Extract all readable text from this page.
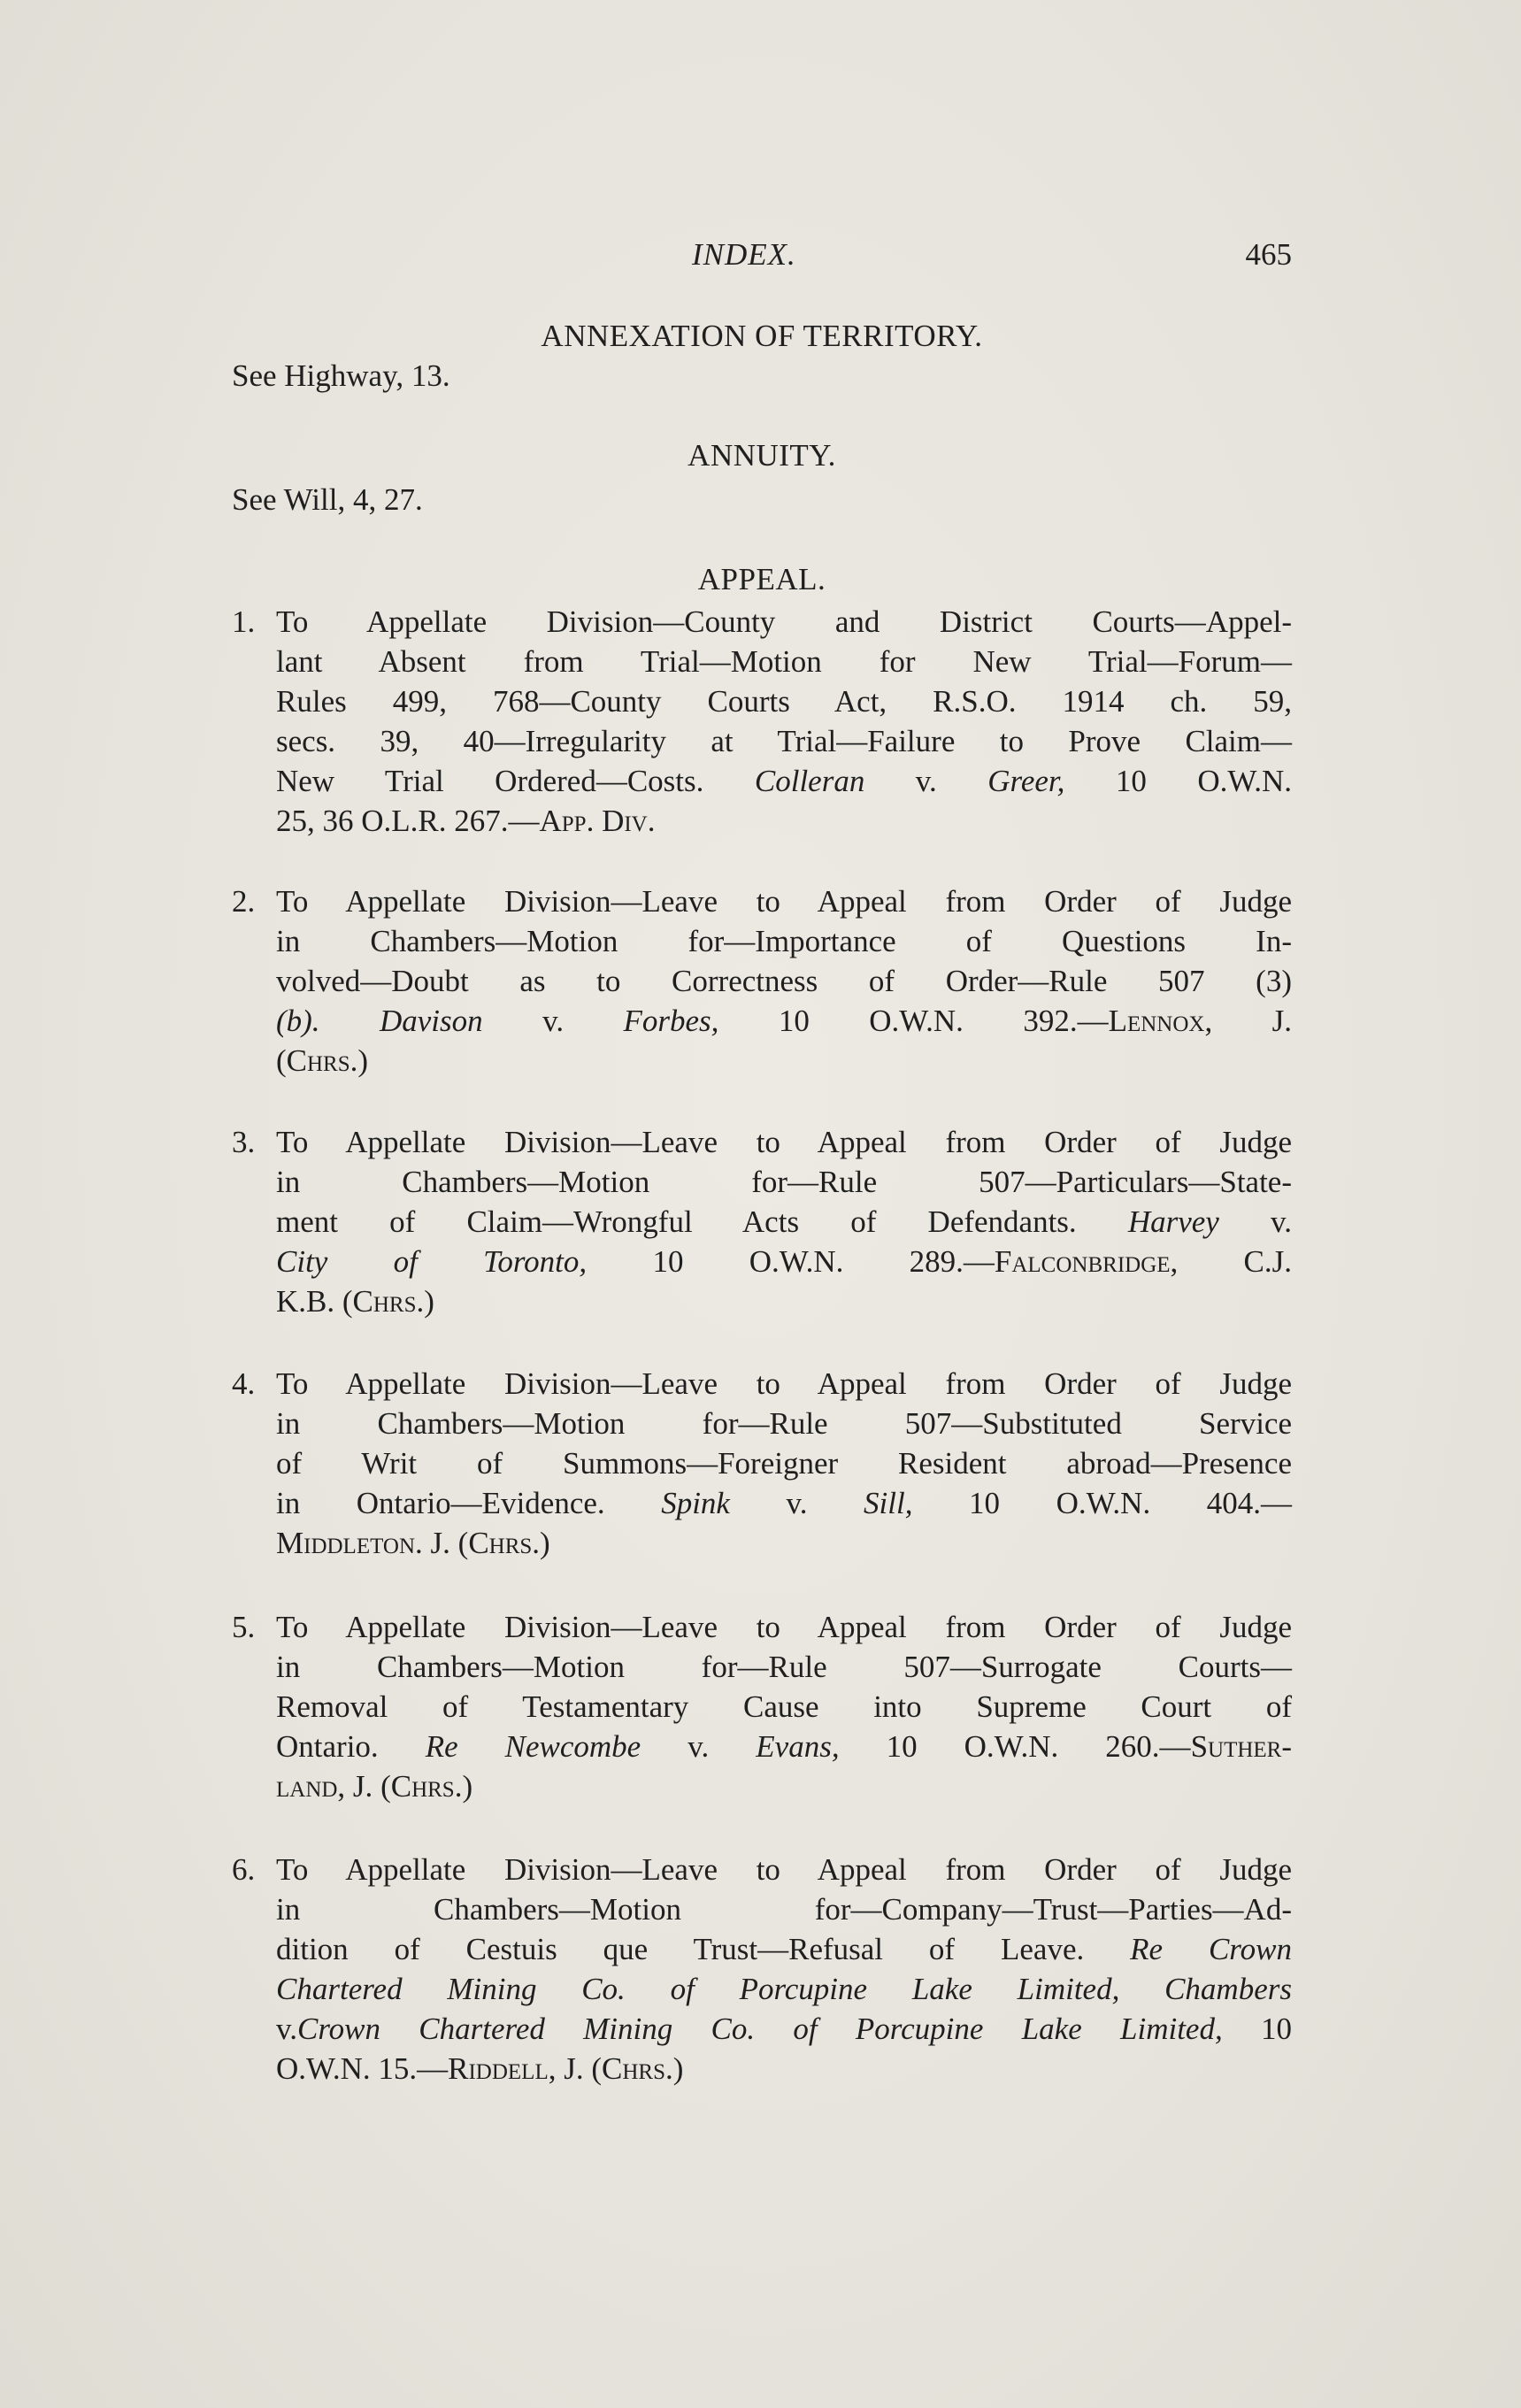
INDEX.	465
ANNEXATION OF TERRITORY.
See Highway, 13.
ANNUITY.
See Will, 4, 27.
APPEAL.
1. To Appellate Division—County and District Courts—Appel-
lant Absent from Trial—Motion for New Trial—Forum—
Rules 499, 768—County Courts Act, R.S.O. 1914 ch. 59,
secs. 39, 40—Irregularity at Trial—Failure to Prove Claim—
New Trial Ordered—Costs. Colleran v. Greer, 10 O.W.N.
25, 36 O.L.R. 267.—App. Div.
2. To Appellate Division—Leave to Appeal from Order of Judge
in Chambers—Motion for—Importance of Questions In-
volved—Doubt as to Correctness of Order—Rule 507 (3)
(b). Davison v. Forbes, 10 O.W.N. 392.—Lennox, J.
(Chrs.)
3. To Appellate Division—Leave to Appeal from Order of Judge
in Chambers—Motion for—Rule 507—Particulars—State-
ment of Claim—Wrongful Acts of Defendants. Harvey v.
City of Toronto, 10 O.W.N. 289.—Falconbridge, C.J.
K.B. (Chrs.)
4. To Appellate Division—Leave to Appeal from Order of Judge
in Chambers—Motion for—Rule 507—Substituted Service
of Writ of Summons—Foreigner Resident abroad—Presence
in Ontario—Evidence. Spink v. Sill, 10 O.W.N. 404.—
Middleton. J. (Chrs.)
5. To Appellate Division—Leave to Appeal from Order of Judge
in Chambers—Motion for—Rule 507—Surrogate Courts—
Removal of Testamentary Cause into Supreme Court of
Ontario. Re Newcombe v. Evans, 10 O.W.N. 260.—Suther-
land, J. (Chrs.)
6. To Appellate Division—Leave to Appeal from Order of Judge
in Chambers—Motion for—Company—Trust—Parties—Ad-
dition of Cestuis que Trust—Refusal of Leave. Re Crown
Chartered Mining Co. of Porcupine Lake Limited, Chambers
v.Crown Chartered Mining Co. of Porcupine Lake Limited, 10
O.W.N. 15.—Riddell, J. (Chrs.)
